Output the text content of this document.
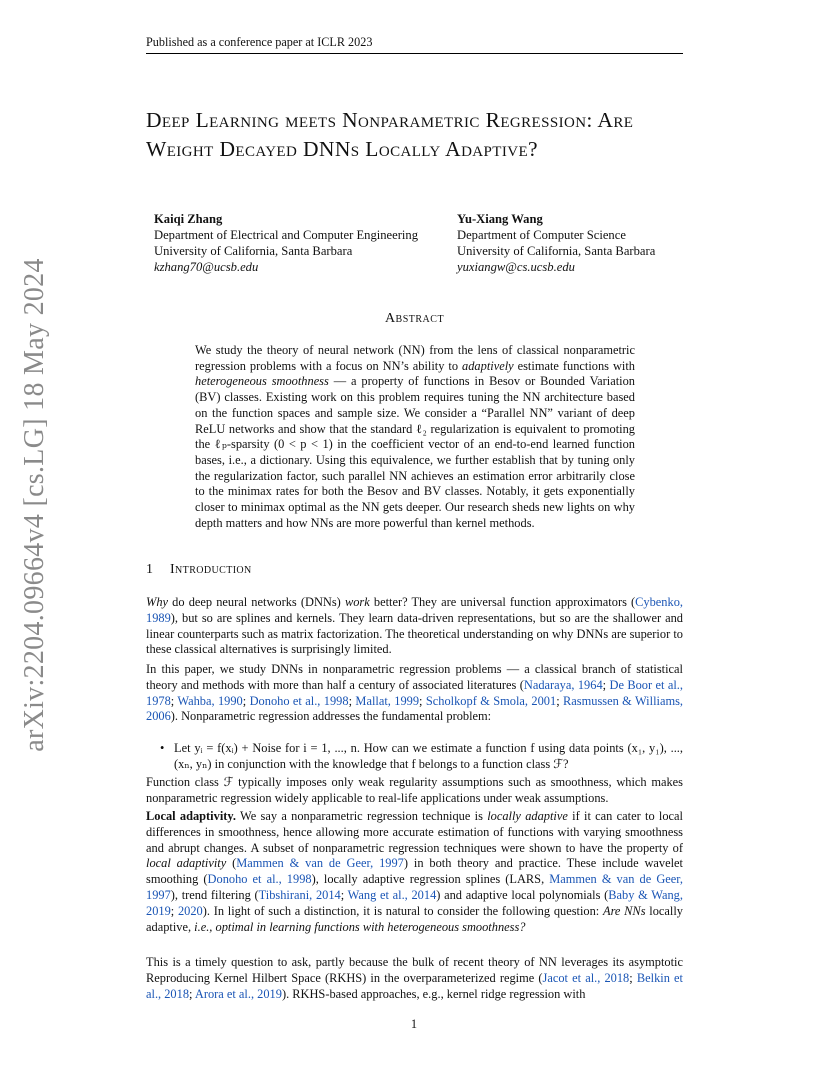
Published as a conference paper at ICLR 2023
arXiv:2204.09664v4 [cs.LG] 18 May 2024
Deep Learning meets Nonparametric Regression: Are Weight Decayed DNNs Locally Adaptive?
Kaiqi Zhang
Department of Electrical and Computer Engineering
University of California, Santa Barbara
kzhang70@ucsb.edu
Yu-Xiang Wang
Department of Computer Science
University of California, Santa Barbara
yuxiangw@cs.ucsb.edu
Abstract
We study the theory of neural network (NN) from the lens of classical nonparametric regression problems with a focus on NN’s ability to adaptively estimate functions with heterogeneous smoothness — a property of functions in Besov or Bounded Variation (BV) classes. Existing work on this problem requires tuning the NN architecture based on the function spaces and sample size. We consider a “Parallel NN” variant of deep ReLU networks and show that the standard ℓ₂ regularization is equivalent to promoting the ℓₚ-sparsity (0 < p < 1) in the coefficient vector of an end-to-end learned function bases, i.e., a dictionary. Using this equivalence, we further establish that by tuning only the regularization factor, such parallel NN achieves an estimation error arbitrarily close to the minimax rates for both the Besov and BV classes. Notably, it gets exponentially closer to minimax optimal as the NN gets deeper. Our research sheds new lights on why depth matters and how NNs are more powerful than kernel methods.
1 Introduction
Why do deep neural networks (DNNs) work better? They are universal function approximators (Cybenko, 1989), but so are splines and kernels. They learn data-driven representations, but so are the shallower and linear counterparts such as matrix factorization. The theoretical understanding on why DNNs are superior to these classical alternatives is surprisingly limited.
In this paper, we study DNNs in nonparametric regression problems — a classical branch of statistical theory and methods with more than half a century of associated literatures (Nadaraya, 1964; De Boor et al., 1978; Wahba, 1990; Donoho et al., 1998; Mallat, 1999; Scholkopf & Smola, 2001; Rasmussen & Williams, 2006). Nonparametric regression addresses the fundamental problem:
• Let yᵢ = f(xᵢ) + Noise for i = 1, ..., n. How can we estimate a function f using data points (x₁, y₁), ..., (xₙ, yₙ) in conjunction with the knowledge that f belongs to a function class ℱ?
Function class ℱ typically imposes only weak regularity assumptions such as smoothness, which makes nonparametric regression widely applicable to real-life applications under weak assumptions.
Local adaptivity. We say a nonparametric regression technique is locally adaptive if it can cater to local differences in smoothness, hence allowing more accurate estimation of functions with varying smoothness and abrupt changes. A subset of nonparametric regression techniques were shown to have the property of local adaptivity (Mammen & van de Geer, 1997) in both theory and practice. These include wavelet smoothing (Donoho et al., 1998), locally adaptive regression splines (LARS, Mammen & van de Geer, 1997), trend filtering (Tibshirani, 2014; Wang et al., 2014) and adaptive local polynomials (Baby & Wang, 2019; 2020). In light of such a distinction, it is natural to consider the following question: Are NNs locally adaptive, i.e., optimal in learning functions with heterogeneous smoothness?
This is a timely question to ask, partly because the bulk of recent theory of NN leverages its asymptotic Reproducing Kernel Hilbert Space (RKHS) in the overparameterized regime (Jacot et al., 2018; Belkin et al., 2018; Arora et al., 2019). RKHS-based approaches, e.g., kernel ridge regression with
1
